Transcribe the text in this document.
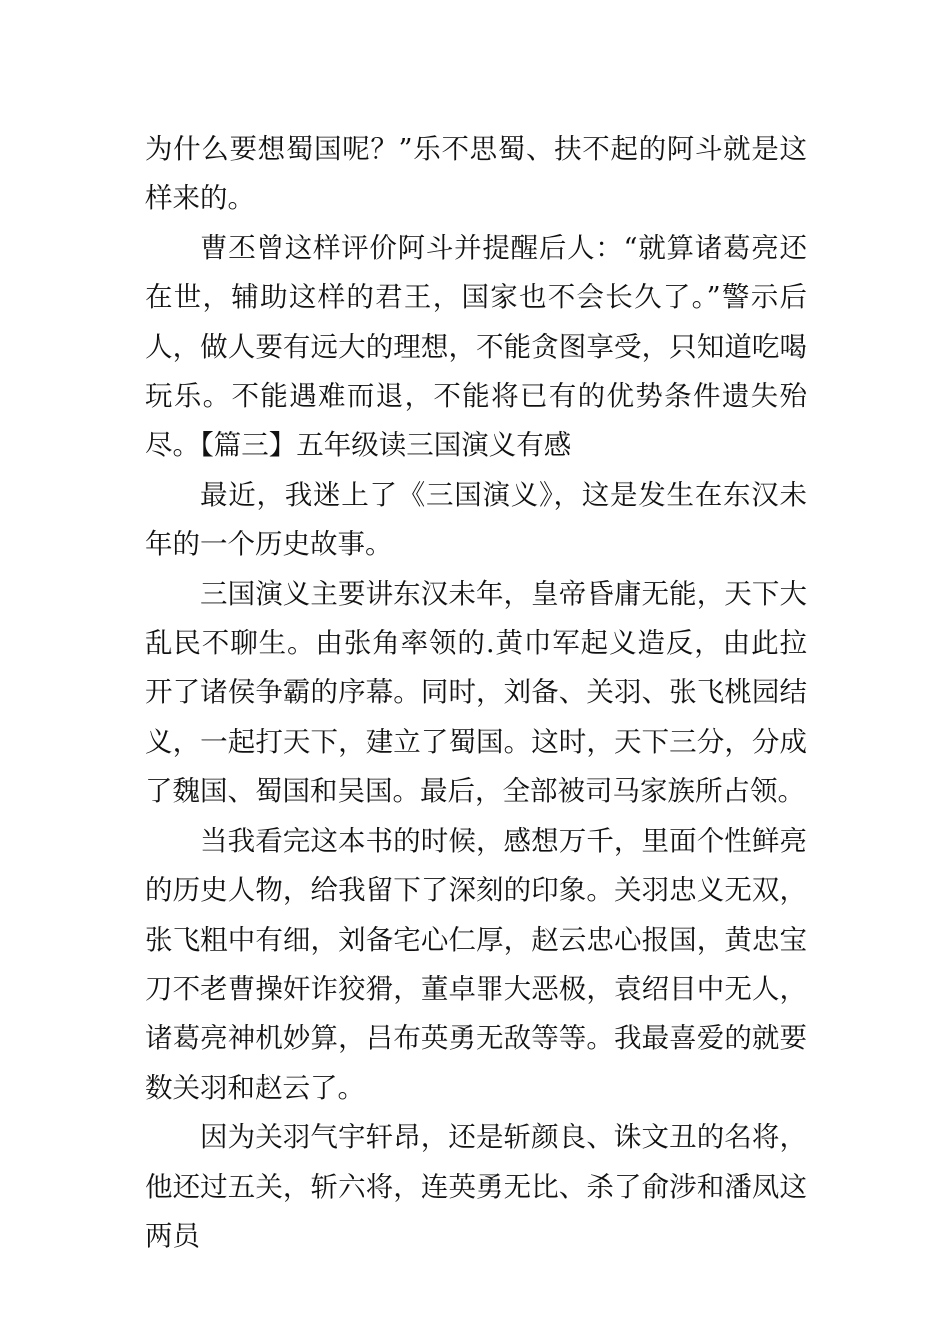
为什么要想蜀国呢？”乐不思蜀、扶不起的阿斗就是这样来的。

曹丕曾这样评价阿斗并提醒后人：“就算诸葛亮还在世，辅助这样的君王，国家也不会长久了。”警示后人，做人要有远大的理想，不能贪图享受，只知道吃喝玩乐。不能遇难而退，不能将已有的优势条件遗失殆尽。【篇三】五年级读三国演义有感

最近，我迷上了《三国演义》，这是发生在东汉未年的一个历史故事。

三国演义主要讲东汉未年，皇帝昏庸无能，天下大乱民不聊生。由张角率领的.黄巾军起义造反，由此拉开了诸侯争霸的序幕。同时，刘备、关羽、张飞桃园结义，一起打天下，建立了蜀国。这时，天下三分，分成了魏国、蜀国和吴国。最后，全部被司马家族所占领。

当我看完这本书的时候，感想万千，里面个性鲜亮的历史人物，给我留下了深刻的印象。关羽忠义无双，张飞粗中有细，刘备宅心仁厚，赵云忠心报国，黄忠宝刀不老曹操奸诈狡猾，董卓罪大恶极，袁绍目中无人，诸葛亮神机妙算，吕布英勇无敌等等。我最喜爱的就要数关羽和赵云了。

因为关羽气宇轩昂，还是斩颜良、诛文丑的名将，他还过五关，斩六将，连英勇无比、杀了俞涉和潘凤这两员
